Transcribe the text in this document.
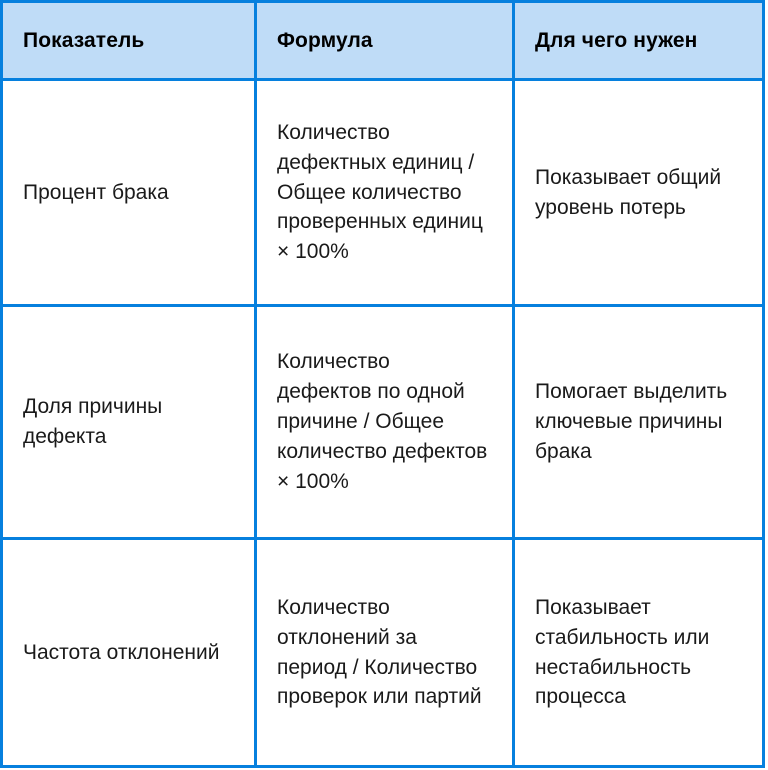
Показатель	Формула	Для чего нужен
Процент брака	Количество дефектных единиц / Общее количество проверенных единиц × 100%	Показывает общий уровень потерь
Доля причины дефекта	Количество дефектов по одной причине / Общее количество дефектов × 100%	Помогает выделить ключевые причины брака
Частота отклонений	Количество отклонений за период / Количество проверок или партий	Показывает стабильность или нестабильность процесса
